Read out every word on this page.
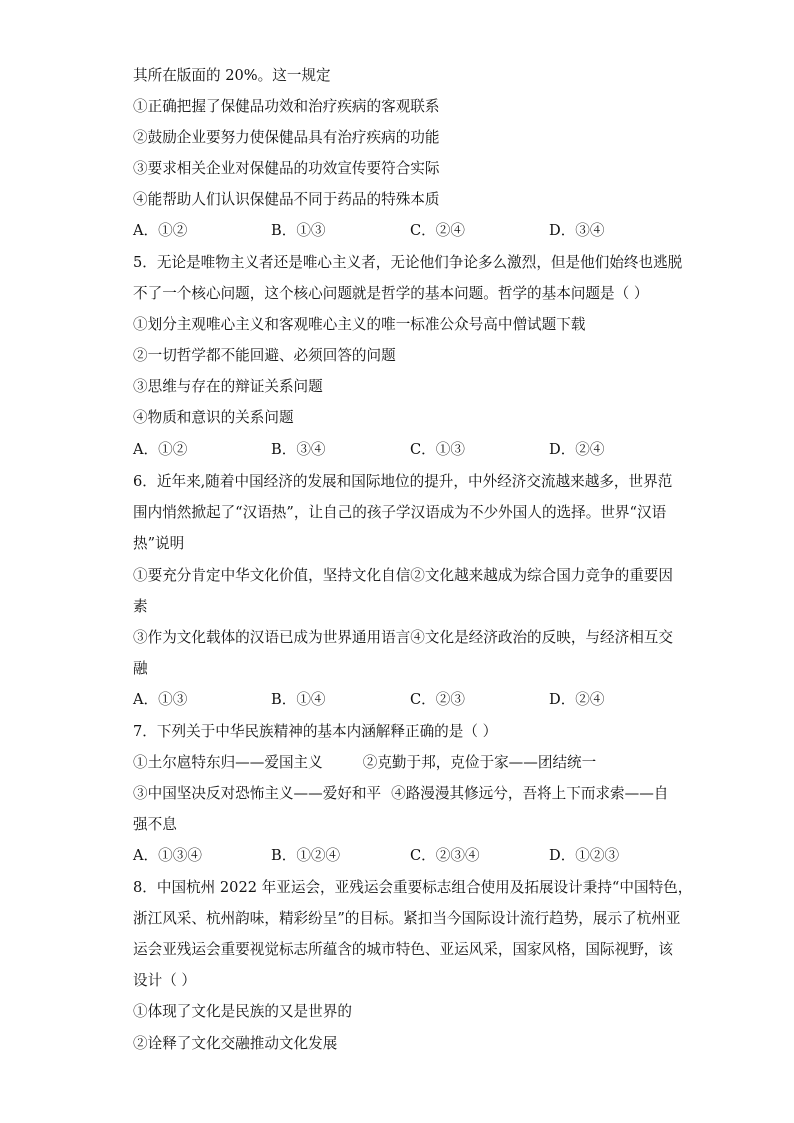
其所在版面的 20%。这一规定
①正确把握了保健品功效和治疗疾病的客观联系
②鼓励企业要努力使保健品具有治疗疾病的功能
③要求相关企业对保健品的功效宣传要符合实际
④能帮助人们认识保健品不同于药品的特殊本质
A．①②	B．①③	C．②④	D．③④
5．无论是唯物主义者还是唯心主义者，无论他们争论多么激烈，但是他们始终也逃脱
不了一个核心问题，这个核心问题就是哲学的基本问题。哲学的基本问题是（ ）
①划分主观唯心主义和客观唯心主义的唯一标准公众号高中僧试题下载
②一切哲学都不能回避、必须回答的问题
③思维与存在的辩证关系问题
④物质和意识的关系问题
A．①②	B．③④	C．①③	D．②④
6．近年来,随着中国经济的发展和国际地位的提升，中外经济交流越来越多，世界范
围内悄然掀起了“汉语热”，让自己的孩子学汉语成为不少外国人的选择。世界“汉语
热”说明
①要充分肯定中华文化价值，坚持文化自信②文化越来越成为综合国力竞争的重要因
素
③作为文化载体的汉语已成为世界通用语言④文化是经济政治的反映，与经济相互交
融
A．①③	B．①④	C．②③	D．②④
7．下列关于中华民族精神的基本内涵解释正确的是（ ）
①土尔扈特东归——爱国主义	②克勤于邦，克俭于家——团结统一
③中国坚决反对恐怖主义——爱好和平 ④路漫漫其修远兮，吾将上下而求索——自
强不息
A．①③④	B．①②④	C．②③④	D．①②③
8．中国杭州 2022 年亚运会，亚残运会重要标志组合使用及拓展设计秉持“中国特色，
浙江风采、杭州韵味，精彩纷呈”的目标。紧扣当今国际设计流行趋势，展示了杭州亚
运会亚残运会重要视觉标志所蕴含的城市特色、亚运风采，国家风格，国际视野，该
设计（ ）
①体现了文化是民族的又是世界的
②诠释了文化交融推动文化发展
